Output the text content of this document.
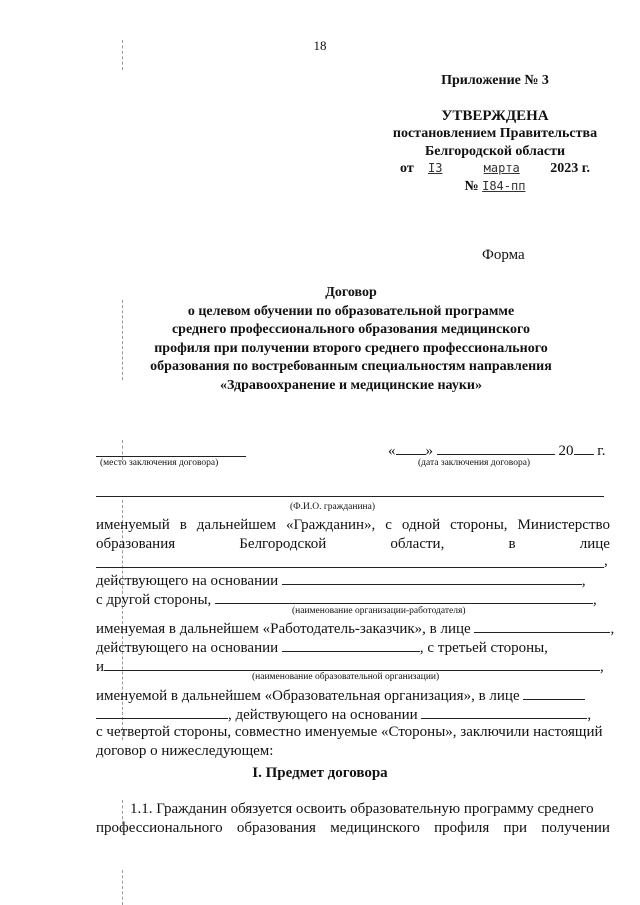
18
Приложение № 3
УТВЕРЖДЕНА
постановлением Правительства
Белгородской области
от I3	марта 2023 г.
№ I84-пп
Форма
Договор
о целевом обучении по образовательной программе
среднего профессионального образования медицинского
профиля при получении второго среднего профессионального
образования по востребованным специальностям направления
«Здравоохранение и медицинские науки»
(место заключения договора)
« »	20 г.
(дата заключения договора)
(Ф.И.О. гражданина)
именуемый в дальнейшем «Гражданин», с одной стороны, Министерство
образования	Белгородской	области,	в	лице
,
действующего на основании	,
с другой стороны,	,
(наименование организации-работодателя)
именуемая в дальнейшем «Работодатель-заказчик», в лице	,
действующего на основании	, с третьей стороны,
и	,
(наименование образовательной организации)
именуемой в дальнейшем «Образовательная организация», в лице
, действующего на основании	,
с четвертой стороны, совместно именуемые «Стороны», заключили настоящий
договор о нижеследующем:
I. Предмет договора
1.1. Гражданин обязуется освоить образовательную программу среднего
профессионального образования медицинского профиля при получении
